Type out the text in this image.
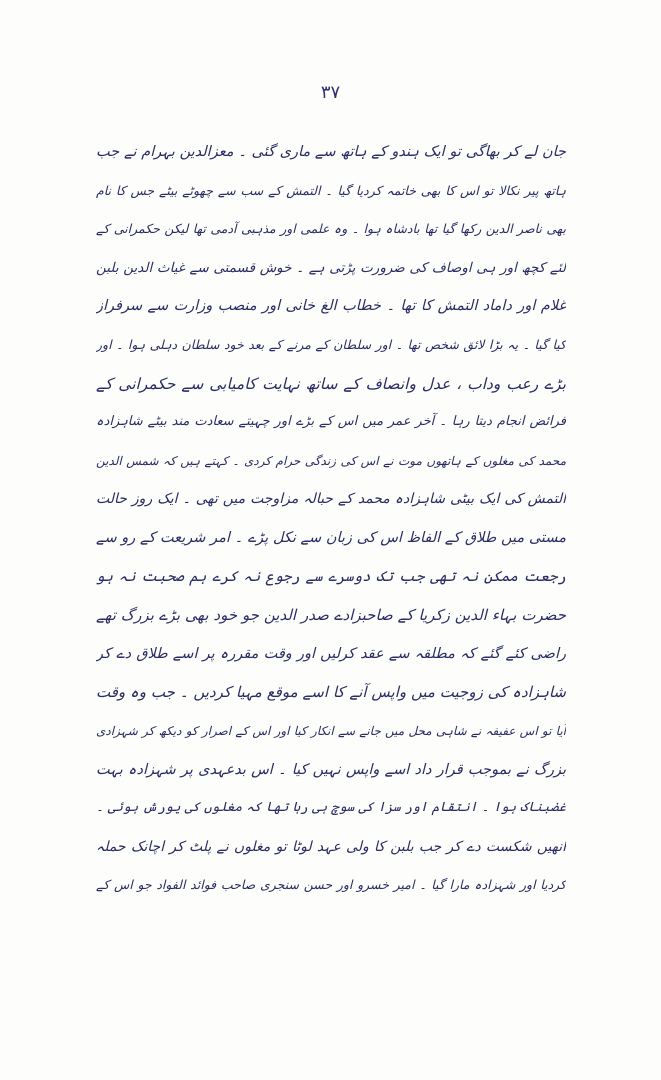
۳۷
جان لے کر بھاگی تو ایک ہندو کے ہاتھ سے ماری گئی ۔ معزالدین بہرام نے جب
ہاتھ پیر نکالا تو اس کا بھی خاتمہ کردیا گیا ۔ التمش کے سب سے چھوٹے بیٹے جس کا نام
بھی ناصر الدین رکھا گیا تھا بادشاہ ہوا ۔ وہ علمی اور مذہبی آدمی تھا لیکن حکمرانی کے
لئے کچھ اور ہی اوصاف کی ضرورت پڑتی ہے ۔ خوش قسمتی سے غیاث الدین بلبن
غلام اور داماد التمش کا تھا ۔ خطاب الغ خانی اور منصب وزارت سے سرفراز
کیا گیا ۔ یہ بڑا لائق شخص تھا ۔ اور سلطان کے مرنے کے بعد خود سلطان دہلی ہوا ۔ اور
بڑے رعب وداب ، عدل وانصاف کے ساتھ نہایت کامیابی سے حکمرانی کے
فرائض انجام دیتا رہا ۔ آخر عمر میں اس کے بڑے اور چہیتے سعادت مند بیٹے شاہزادہ
محمد کی مغلوں کے ہاتھوں موت نے اس کی زندگی حرام کردی ۔ کہتے ہیں کہ شمس الدین
التمش کی ایک بیٹی شاہزادہ محمد کے حبالہ مزاوجت میں تھی ۔ ایک روز حالت
مستی میں طلاق کے الفاظ اس کی زبان سے نکل پڑے ۔ امر شریعت کے رو سے
رجعت ممکن نہ تھی جب تک دوسرے سے رجوع نہ کرے ہم صحبت نہ ہو
حضرت بہاء الدین زکریا کے صاحبزادے صدر الدین جو خود بھی بڑے بزرگ تھے
راضی کئے گئے کہ مطلقہ سے عقد کرلیں اور وقت مقررہ پر اسے طلاق دے کر
شاہزادہ کی زوجیت میں واپس آنے کا اسے موقع مہیا کردیں ۔ جب وہ وقت
آیا تو اس عفیفہ نے شاہی محل میں جانے سے انکار کیا اور اس کے اصرار کو دیکھ کر شہزادی
بزرگ نے بموجب قرار داد اسے واپس نہیں کیا ۔ اس بدعہدی پر شہزادہ بہت
غضبناک ہوا ۔ انتقام اور سزا کی سوچ ہی رہا تھا کہ مغلوں کی یورش ہوئی ۔
انھیں شکست دے کر جب بلبن کا ولی عہد لوٹا تو مغلوں نے پلٹ کر اچانک حملہ
کردیا اور شہزادہ مارا گیا ۔ امیر خسرو اور حسن سنجری صاحب فوائد الفواد جو اس کے
